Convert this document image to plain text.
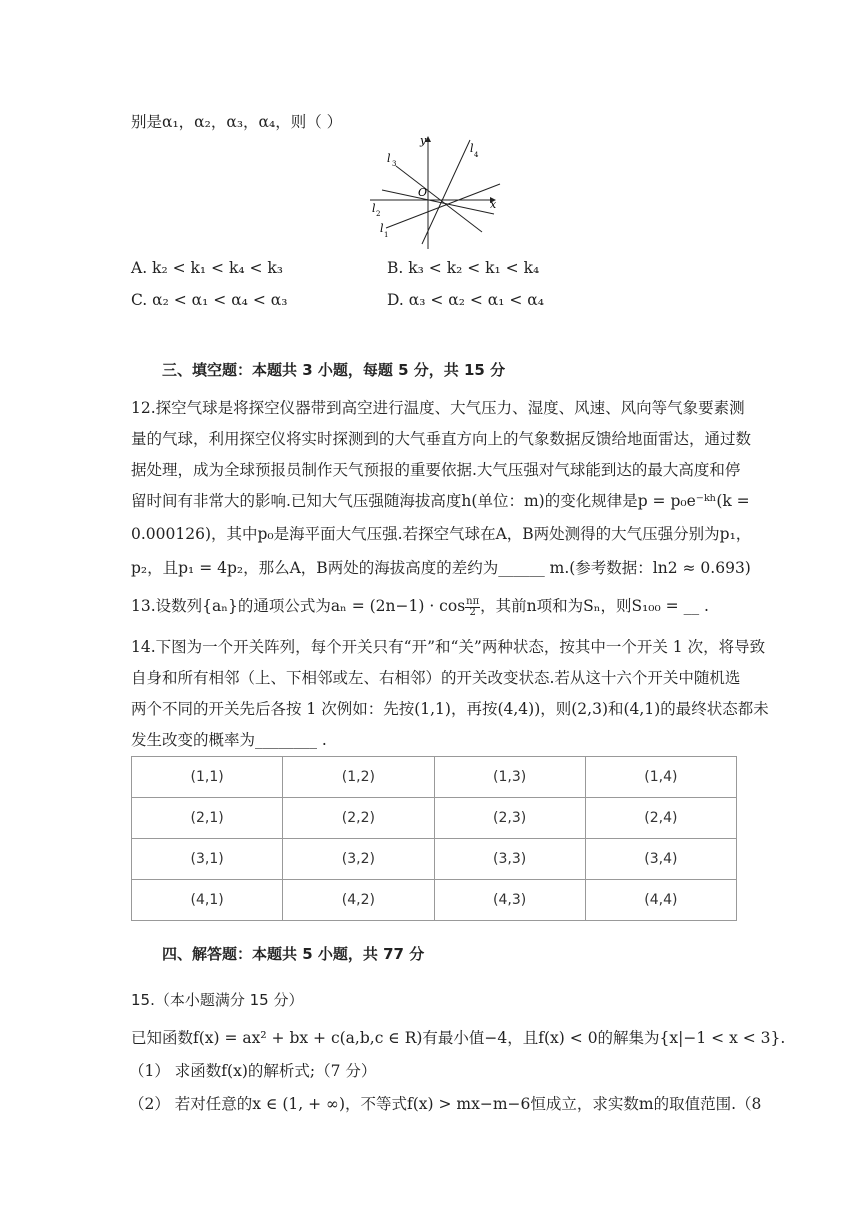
别是α₁，α₂，α₃，α₄，则（ ）
y
x
O
l 3
l 4
l 2
l 1
A. k₂ < k₁ < k₄ < k₃	B. k₃ < k₂ < k₁ < k₄
C. α₂ < α₁ < α₄ < α₃	D. α₃ < α₂ < α₁ < α₄
三、填空题：本题共 3 小题，每题 5 分，共 15 分
12.探空气球是将探空仪器带到高空进行温度、大气压力、湿度、风速、风向等气象要素测
量的气球，利用探空仪将实时探测到的大气垂直方向上的气象数据反馈给地面雷达，通过数
据处理，成为全球预报员制作天气预报的重要依据.大气压强对气球能到达的最大高度和停
留时间有非常大的影响.已知大气压强随海拔高度h(单位：m)的变化规律是p = p₀e⁻ᵏʰ(k =
0.000126)，其中p₀是海平面大气压强.若探空气球在A，B两处测得的大气压强分别为p₁，
p₂，且p₁ = 4p₂，那么A，B两处的海拔高度的差约为______ m.(参考数据：ln2 ≈ 0.693)
13.设数列{aₙ}的通项公式为$a_n = (2n-1) \cdot \cos \frac{n\pi}{2}$ ，其前n项和为Sₙ，则S₁₀₀ = __ .
14.下图为一个开关阵列，每个开关只有“开”和“关”两种状态，按其中一个开关 1 次，将导致
自身和所有相邻（上、下相邻或左、右相邻）的开关改变状态.若从这十六个开关中随机选
两个不同的开关先后各按 1 次例如：先按(1,1)，再按(4,4))，则(2,3)和(4,1)的最终状态都未
发生改变的概率为________ .
(1,1)	(1,2)	(1,3)	(1,4)
(2,1)	(2,2)	(2,3)	(2,4)
(3,1)	(3,2)	(3,3)	(3,4)
(4,1)	(4,2)	(4,3)	(4,4)
四、解答题：本题共 5 小题，共 77 分
15.（本小题满分 15 分）
已知函数f(x) = ax² + bx + c(a,b,c ∈ R)有最小值−4，且f(x) < 0的解集为{x|−1 < x < 3}.
（1） 求函数f(x)的解析式;（7 分）
（2） 若对任意的x ∈ (1, + ∞)，不等式f(x) > mx−m−6恒成立，求实数m的取值范围.（8
